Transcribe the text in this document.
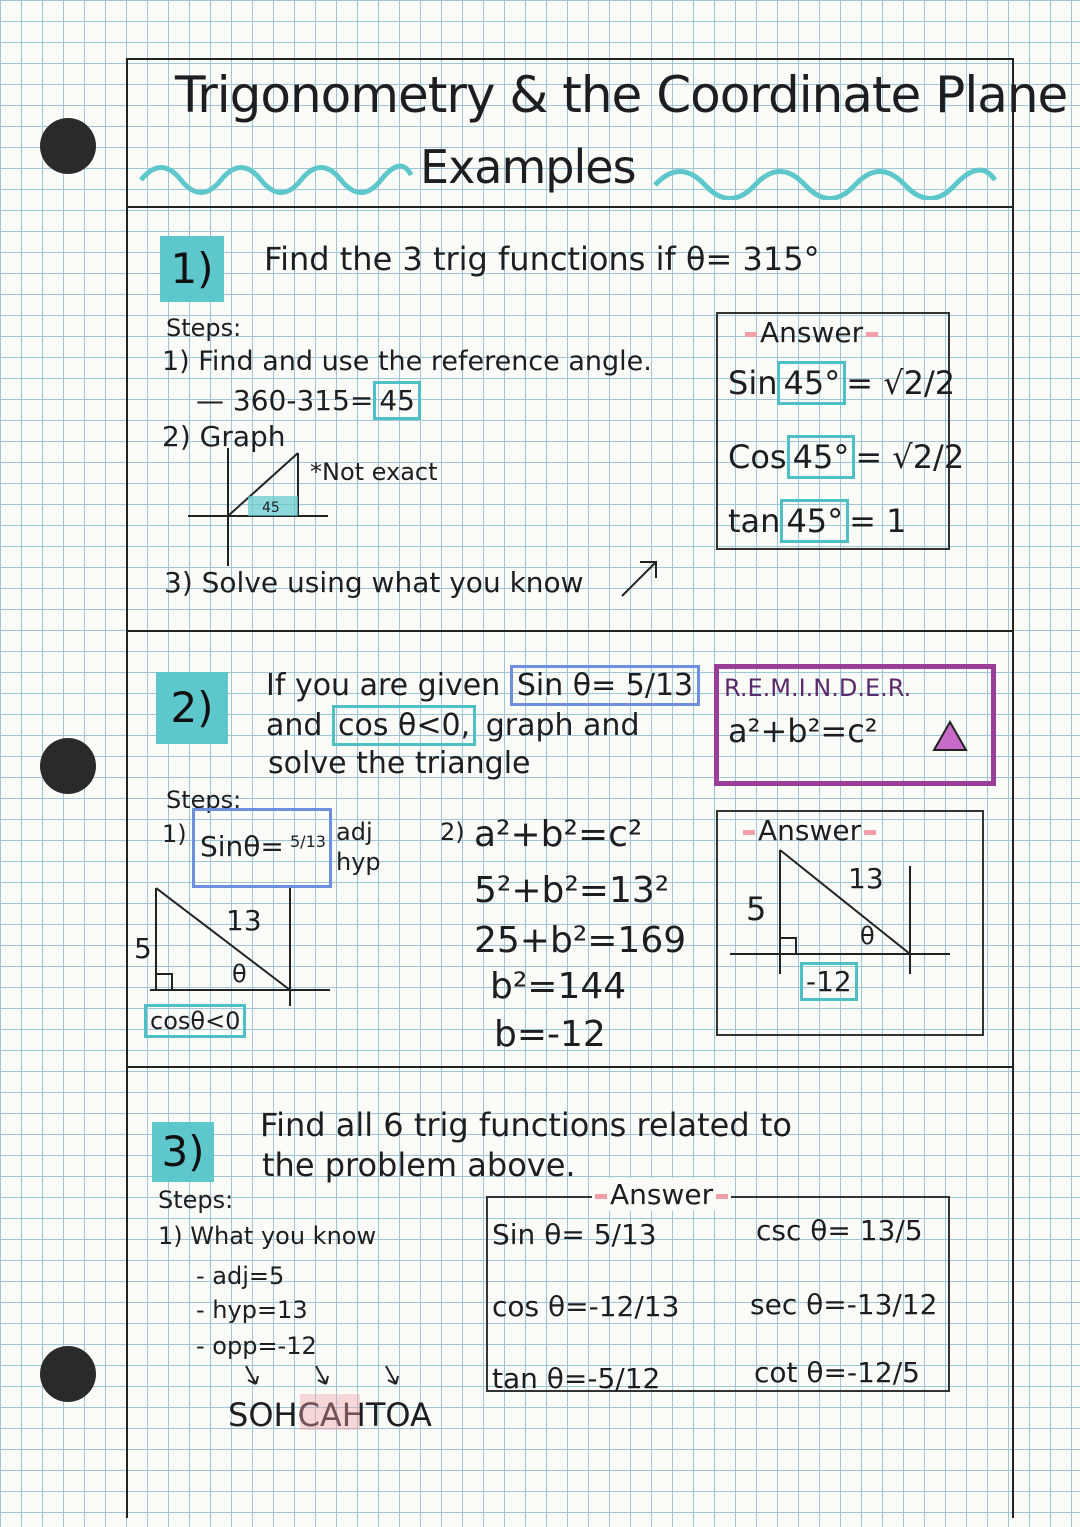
Trigonometry & the Coordinate Plane
Examples
1)	Find the 3 trig functions if θ= 315°
Steps:
1) Find and use the reference angle.
— 360-315= 45
2) Graph
45
*Not exact
3) Solve using what you know
Answer
Sin 45° = √2/2
Cos 45° = √2/2
tan 45° = 1
2)	If you are given Sin θ= 5/13
and cos θ<0, graph and
solve the triangle
R.E.M.I.N.D.E.R.
a²+b²=c²
Steps:
1) Sinθ= 5/13 adj
hyp
13
5
θ
cosθ<0
2) a²+b²=c²
5²+b²=13²
25+b²=169
b²=144
b=-12
Answer
13
5
θ
-12
3)
Find all 6 trig functions related to
the problem above.
Steps:
1) What you know
- adj=5
- hyp=13
- opp=-12
SOHCAHTOA
Answer
Sin θ= 5/13
cos θ=-12/13
tan θ=-5/12
csc θ= 13/5
sec θ=-13/12
cot θ=-12/5
